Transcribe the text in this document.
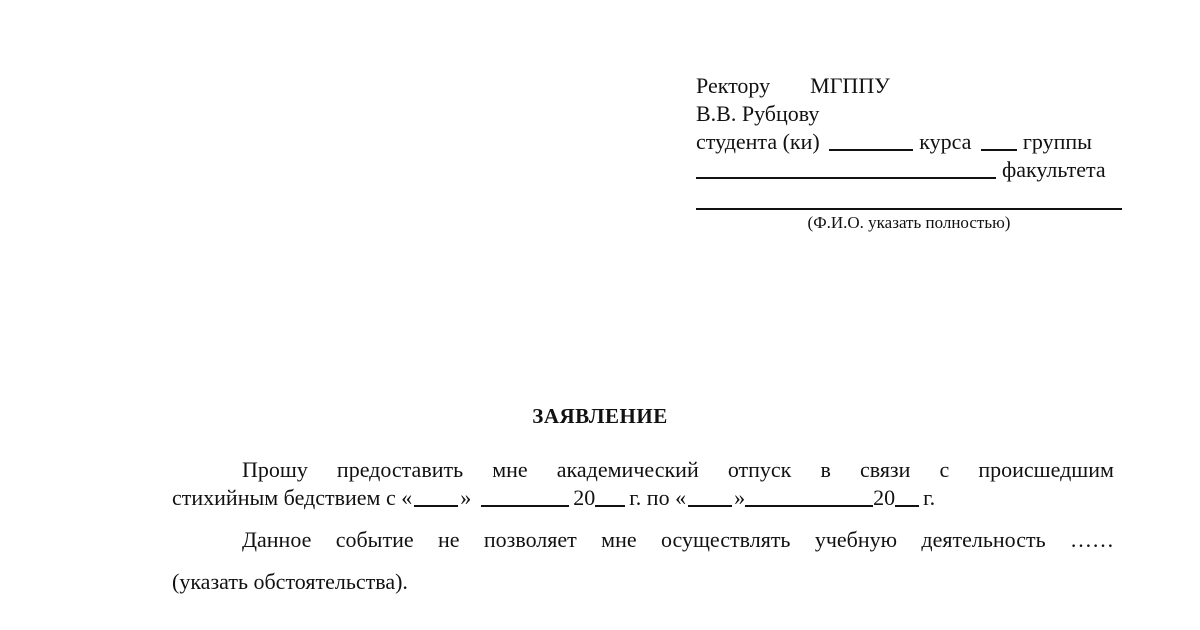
Ректору МГППУ
В.В. Рубцову
студента (ки)	курса группы
факультета
(Ф.И.О. указать полностью)
ЗАЯВЛЕНИЕ
Прошу предоставить мне академический отпуск в связи с происшедшим
стихийным бедствием с « »	20 г. по « »	20 г.
Данное событие не позволяет мне осуществлять учебную деятельность ……
(указать обстоятельства).
